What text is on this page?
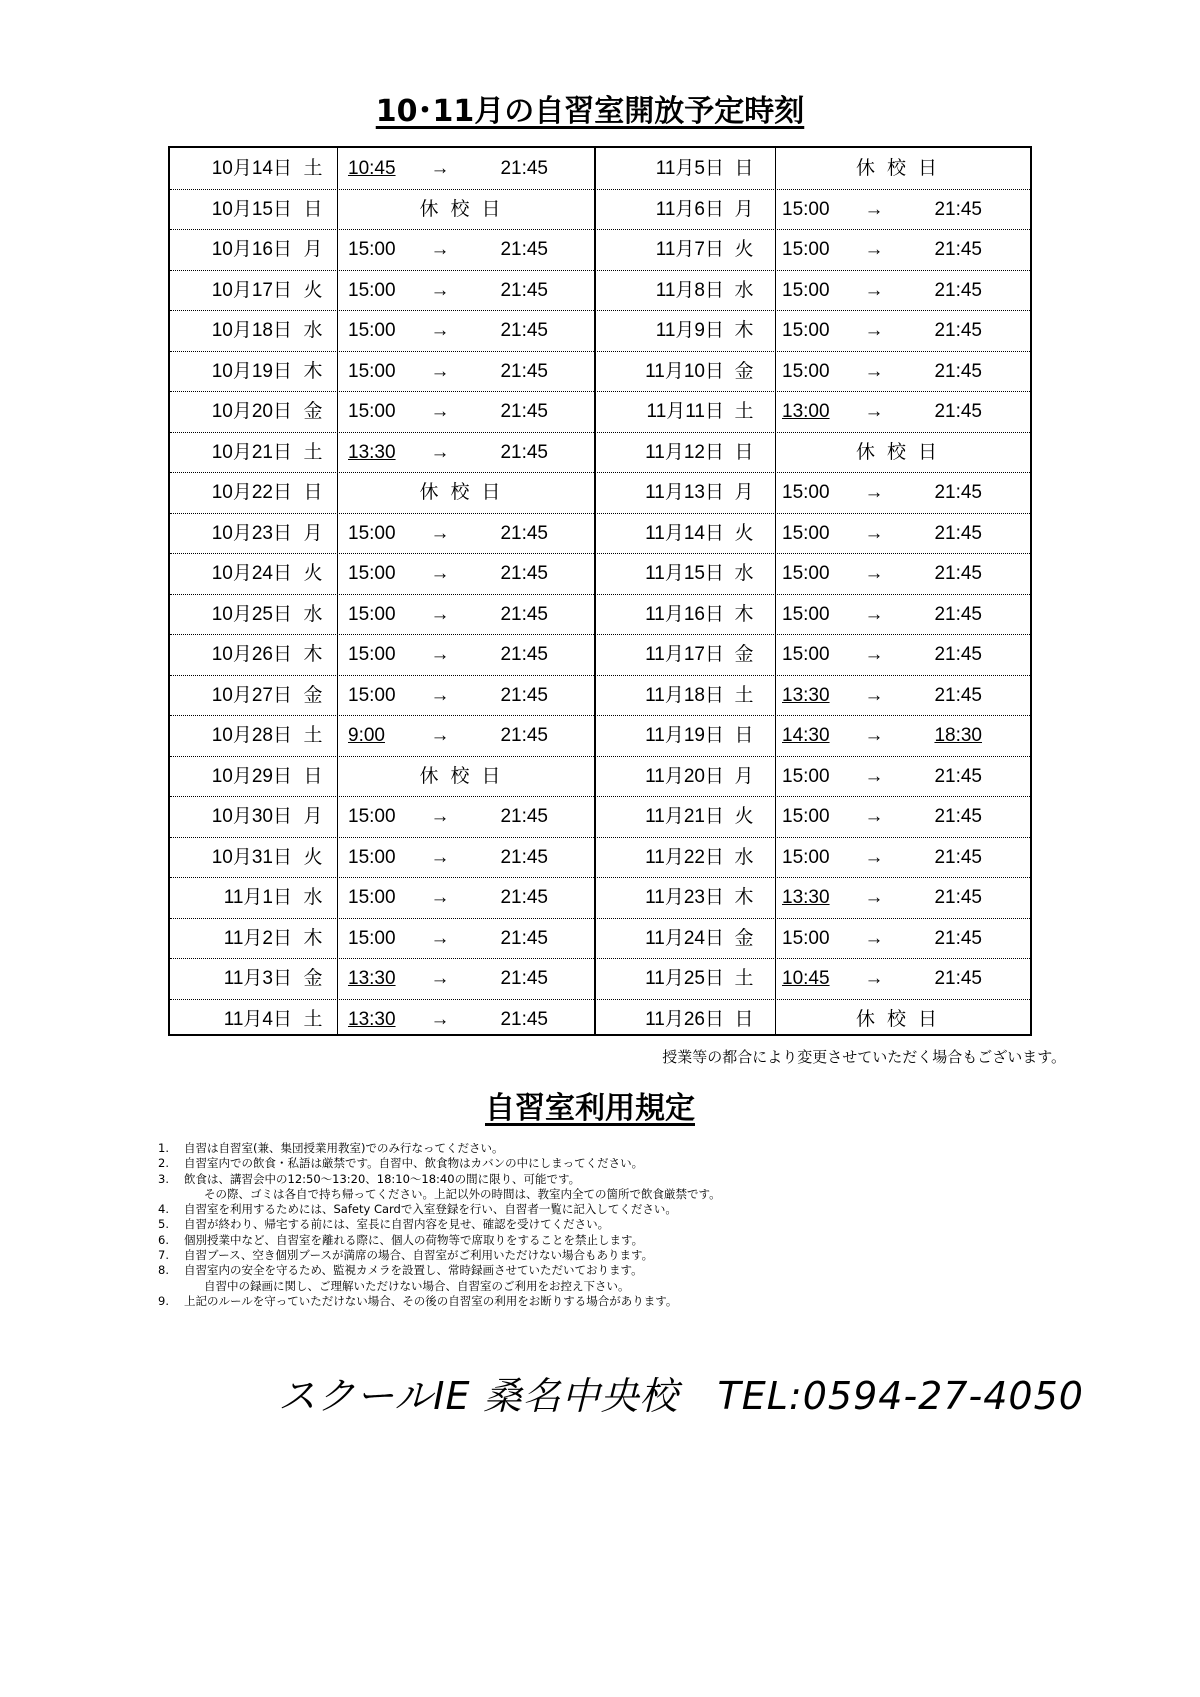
10･11月の自習室開放予定時刻
10月14日 土 10:45	→	21:45	11月5日 日	休校日
10月15日 日	休校日	11月6日 月	15:00	→	21:45
10月16日 月 15:00	→	21:45	11月7日 火	15:00	→	21:45
10月17日 火 15:00	→	21:45	11月8日 水	15:00	→	21:45
10月18日 水 15:00	→	21:45	11月9日 木	15:00	→	21:45
10月19日 木 15:00	→	21:45	11月10日 金	15:00	→	21:45
10月20日 金 15:00	→	21:45	11月11日 土	13:00	→	21:45
10月21日 土 13:30	→	21:45	11月12日 日	休校日
10月22日 日	休校日	11月13日 月	15:00	→	21:45
10月23日 月 15:00	→	21:45	11月14日 火	15:00	→	21:45
10月24日 火 15:00	→	21:45	11月15日 水	15:00	→	21:45
10月25日 水 15:00	→	21:45	11月16日 木	15:00	→	21:45
10月26日 木 15:00	→	21:45	11月17日 金	15:00	→	21:45
10月27日 金 15:00	→	21:45	11月18日 土	13:30	→	21:45
10月28日 土 9:00	→	21:45	11月19日 日	14:30	→	18:30
10月29日 日	休校日	11月20日 月	15:00	→	21:45
10月30日 月 15:00	→	21:45	11月21日 火	15:00	→	21:45
10月31日 火 15:00	→	21:45	11月22日 水	15:00	→	21:45
11月1日 水 15:00	→	21:45	11月23日 木	13:30	→	21:45
11月2日 木 15:00	→	21:45	11月24日 金	15:00	→	21:45
11月3日 金 13:30	→	21:45	11月25日 土	10:45	→	21:45
11月4日 土 13:30	→	21:45	11月26日 日	休校日
授業等の都合により変更させていただく場合もございます。
自習室利用規定
1. 自習は自習室(兼、集団授業用教室)でのみ行なってください。
2. 自習室内での飲食・私語は厳禁です。自習中、飲食物はカバンの中にしまってください。
3. 飲食は、講習会中の12:50～13:20、18:10～18:40の間に限り、可能です。
その際、ゴミは各自で持ち帰ってください。上記以外の時間は、教室内全ての箇所で飲食厳禁です。
4. 自習室を利用するためには、Safety Cardで入室登録を行い、自習者一覧に記入してください。
5. 自習が終わり、帰宅する前には、室長に自習内容を見せ、確認を受けてください。
6. 個別授業中など、自習室を離れる際に、個人の荷物等で席取りをすることを禁止します。
7. 自習ブース、空き個別ブースが満席の場合、自習室がご利用いただけない場合もあります。
8. 自習室内の安全を守るため、監視カメラを設置し、常時録画させていただいております。
自習中の録画に関し、ご理解いただけない場合、自習室のご利用をお控え下さい。
9. 上記のルールを守っていただけない場合、その後の自習室の利用をお断りする場合があります。
スクールIE 桑名中央校　TEL:0594-27-4050
